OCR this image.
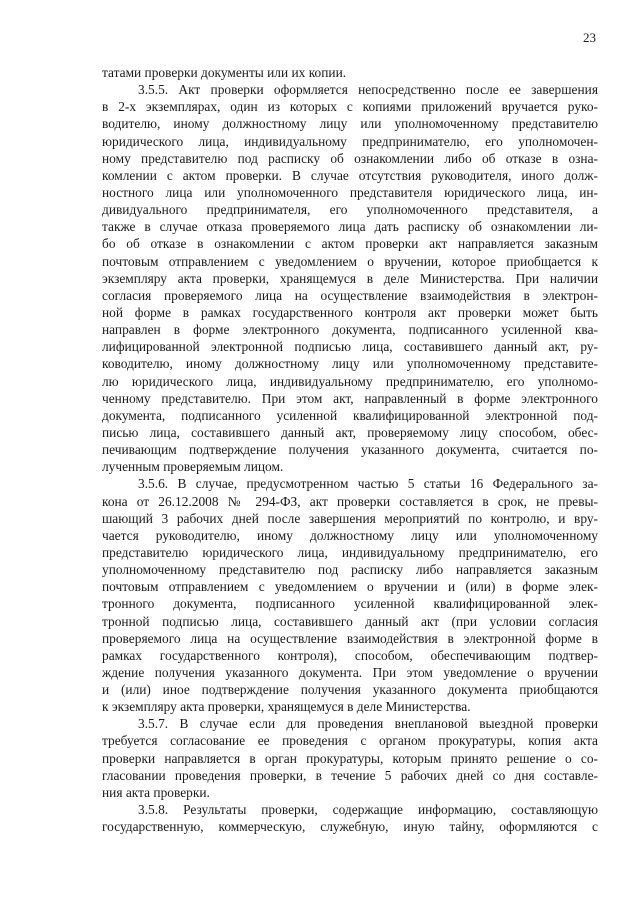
23
татами проверки документы или их копии.
3.5.5. Акт проверки оформляется непосредственно после ее завершения
в 2-х экземплярах, один из которых с копиями приложений вручается руко-
водителю, иному должностному лицу или уполномоченному представителю
юридического лица, индивидуальному предпринимателю, его уполномочен-
ному представителю под расписку об ознакомлении либо об отказе в озна-
комлении с актом проверки. В случае отсутствия руководителя, иного долж-
ностного лица или уполномоченного представителя юридического лица, ин-
дивидуального предпринимателя, его уполномоченного представителя, а
также в случае отказа проверяемого лица дать расписку об ознакомлении ли-
бо об отказе в ознакомлении с актом проверки акт направляется заказным
почтовым отправлением с уведомлением о вручении, которое приобщается к
экземпляру акта проверки, хранящемуся в деле Министерства. При наличии
согласия проверяемого лица на осуществление взаимодействия в электрон-
ной форме в рамках государственного контроля акт проверки может быть
направлен в форме электронного документа, подписанного усиленной ква-
лифицированной электронной подписью лица, составившего данный акт, ру-
ководителю, иному должностному лицу или уполномоченному представите-
лю юридического лица, индивидуальному предпринимателю, его уполномо-
ченному представителю. При этом акт, направленный в форме электронного
документа, подписанного усиленной квалифицированной электронной под-
писью лица, составившего данный акт, проверяемому лицу способом, обес-
печивающим подтверждение получения указанного документа, считается по-
лученным проверяемым лицом.
3.5.6. В случае, предусмотренном частью 5 статьи 16 Федерального за-
кона от 26.12.2008 № 294-ФЗ, акт проверки составляется в срок, не превы-
шающий 3 рабочих дней после завершения мероприятий по контролю, и вру-
чается руководителю, иному должностному лицу или уполномоченному
представителю юридического лица, индивидуальному предпринимателю, его
уполномоченному представителю под расписку либо направляется заказным
почтовым отправлением с уведомлением о вручении и (или) в форме элек-
тронного документа, подписанного усиленной квалифицированной элек-
тронной подписью лица, составившего данный акт (при условии согласия
проверяемого лица на осуществление взаимодействия в электронной форме в
рамках государственного контроля), способом, обеспечивающим подтвер-
ждение получения указанного документа. При этом уведомление о вручении
и (или) иное подтверждение получения указанного документа приобщаются
к экземпляру акта проверки, хранящемуся в деле Министерства.
3.5.7. В случае если для проведения внеплановой выездной проверки
требуется согласование ее проведения с органом прокуратуры, копия акта
проверки направляется в орган прокуратуры, которым принято решение о со-
гласовании проведения проверки, в течение 5 рабочих дней со дня составле-
ния акта проверки.
3.5.8. Результаты проверки, содержащие информацию, составляющую
государственную, коммерческую, служебную, иную тайну, оформляются с
